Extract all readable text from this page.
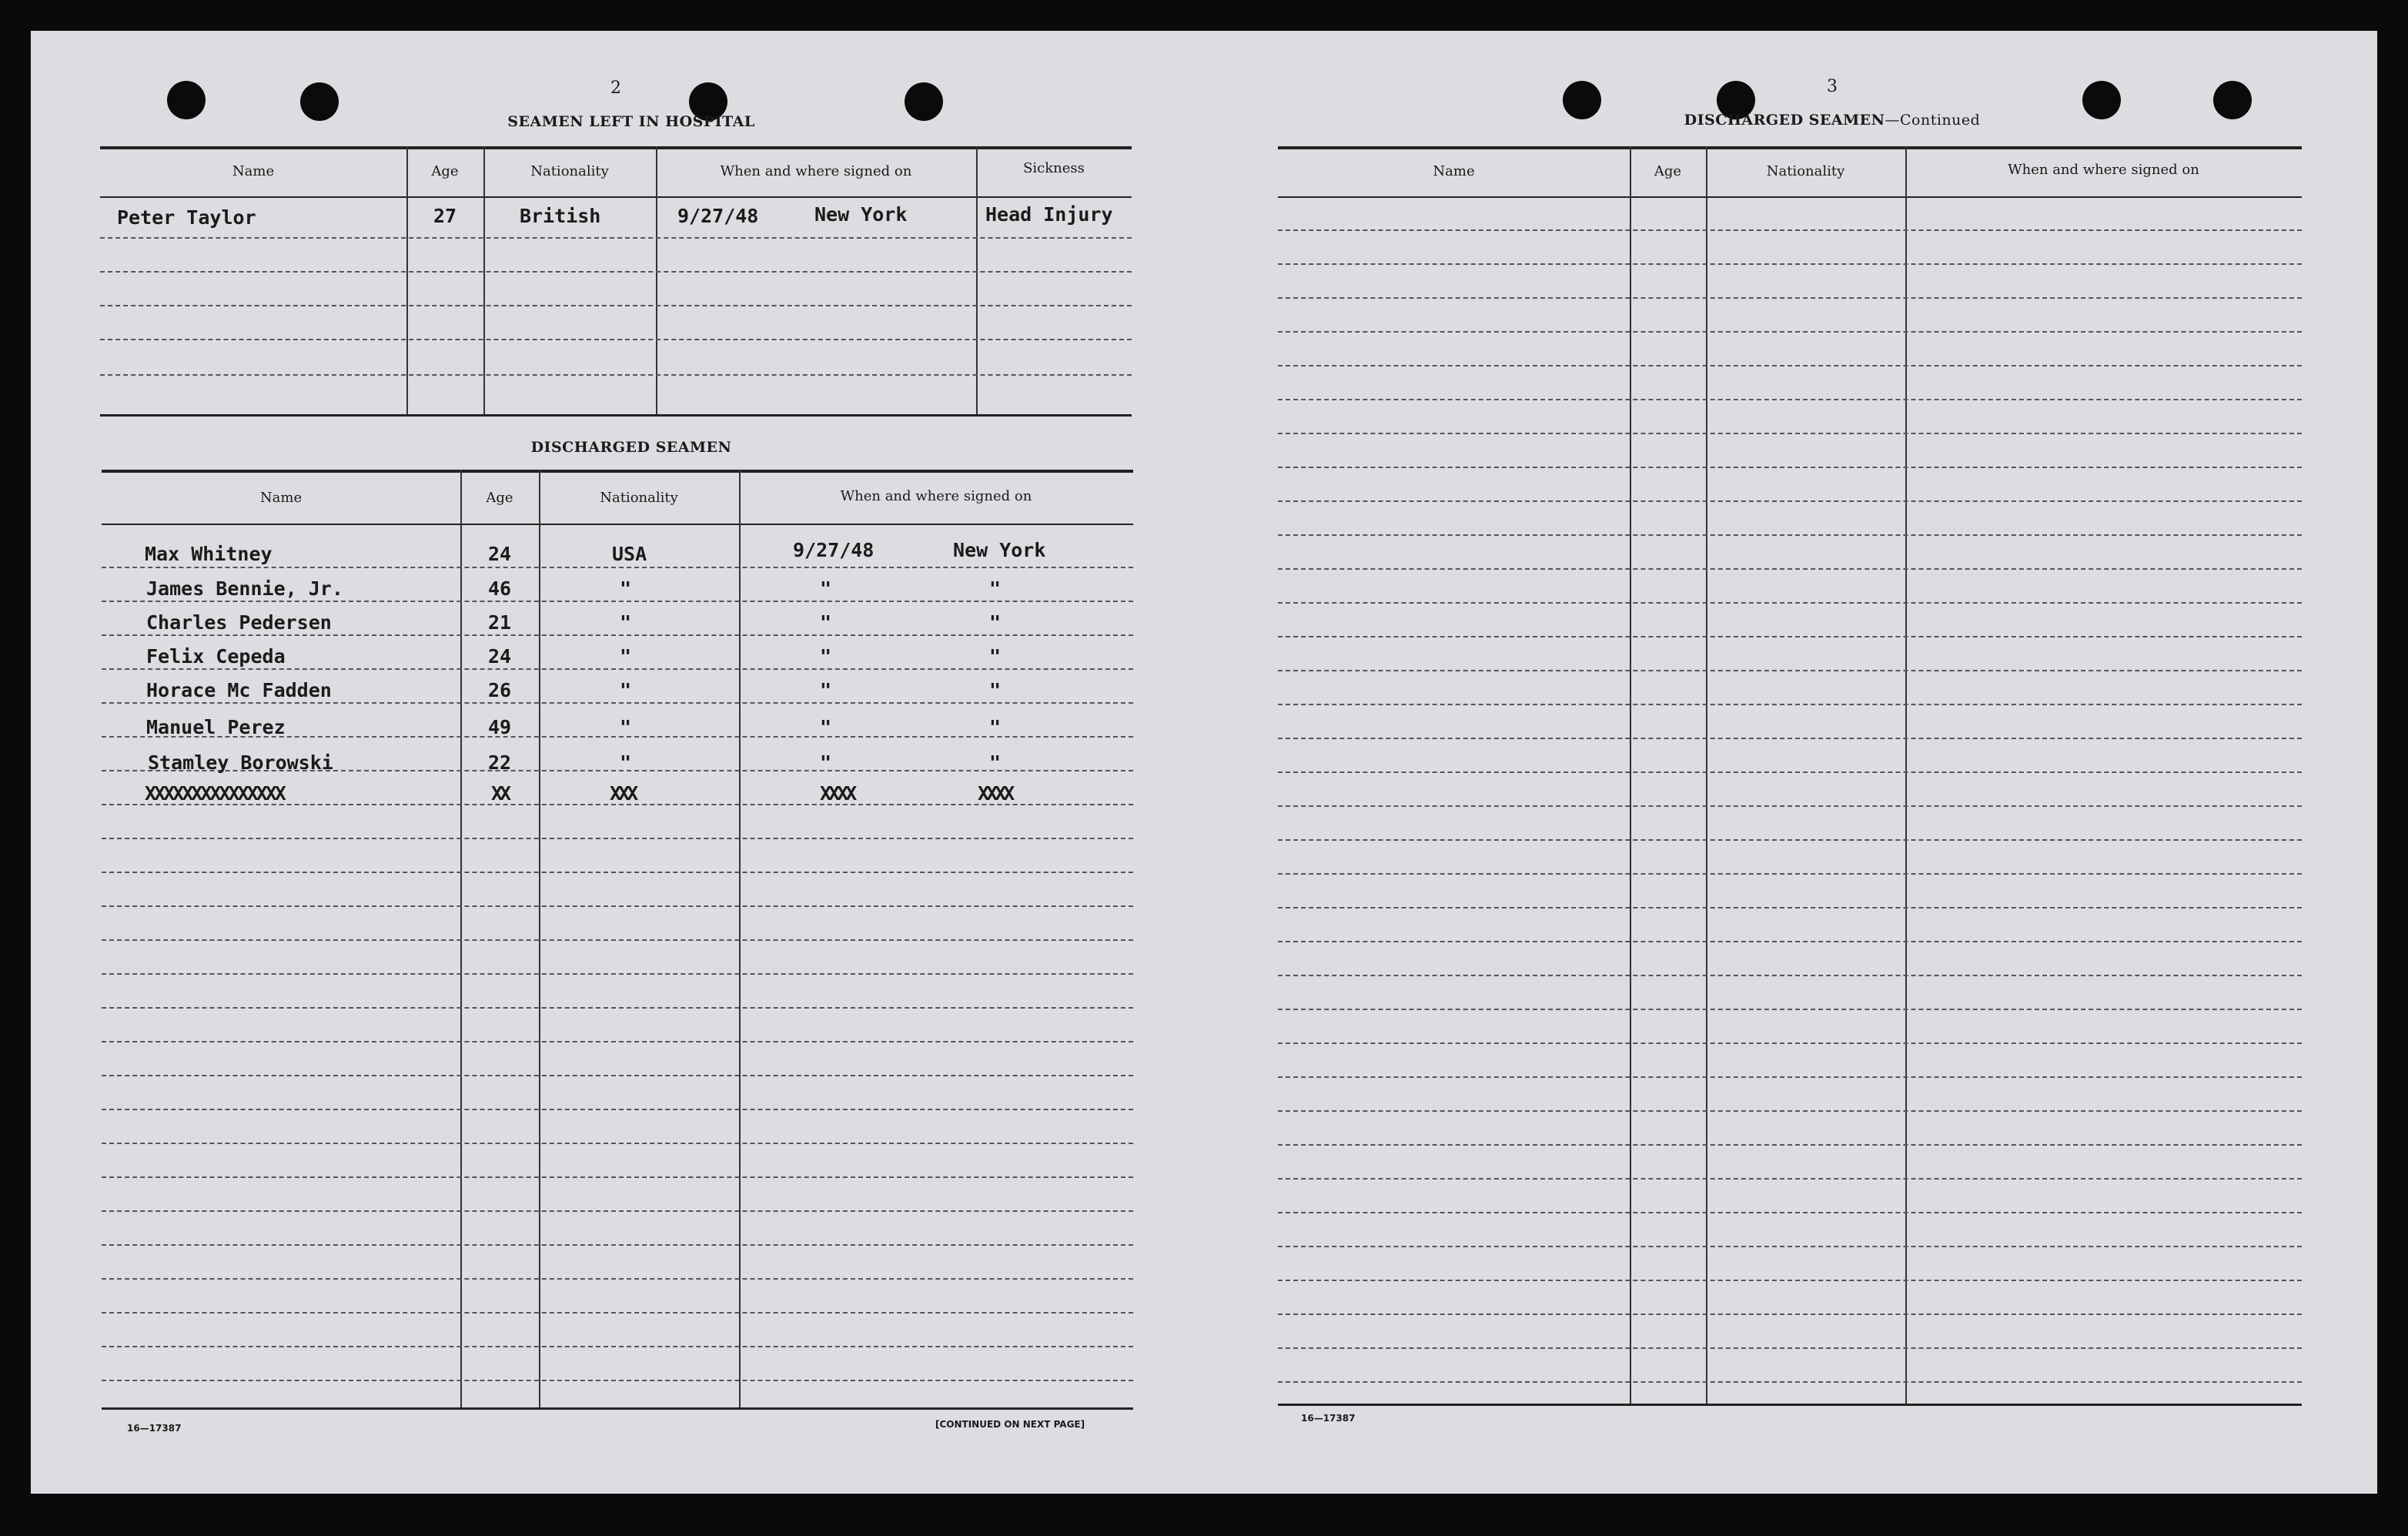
2
SEAMEN LEFT IN HOSPITAL
Name	Age	Nationality	When and where signed on	Sickness
Peter Taylor	27	British	9/27/48	New York	Head Injury
DISCHARGED SEAMEN
Name	Age	Nationality	When and where signed on
Max Whitney	24	USA	9/27/48	New York
James Bennie, Jr.	46	"	"	"
Charles Pedersen	21	"	"	"
Felix Cepeda	24	"	"	"
Horace Mc Fadden	26	"	"	"
Manuel Perez	49	"	"	"
Stamley Borowski	22	"	"	"
XXXXXXXXXXXXXXX	XX	XXX	XXXX	XXXX
16—17387	[CONTINUED ON NEXT PAGE]
3
DISCHARGED SEAMEN—Continued
Name	Age	Nationality	When and where signed on
16—17387
